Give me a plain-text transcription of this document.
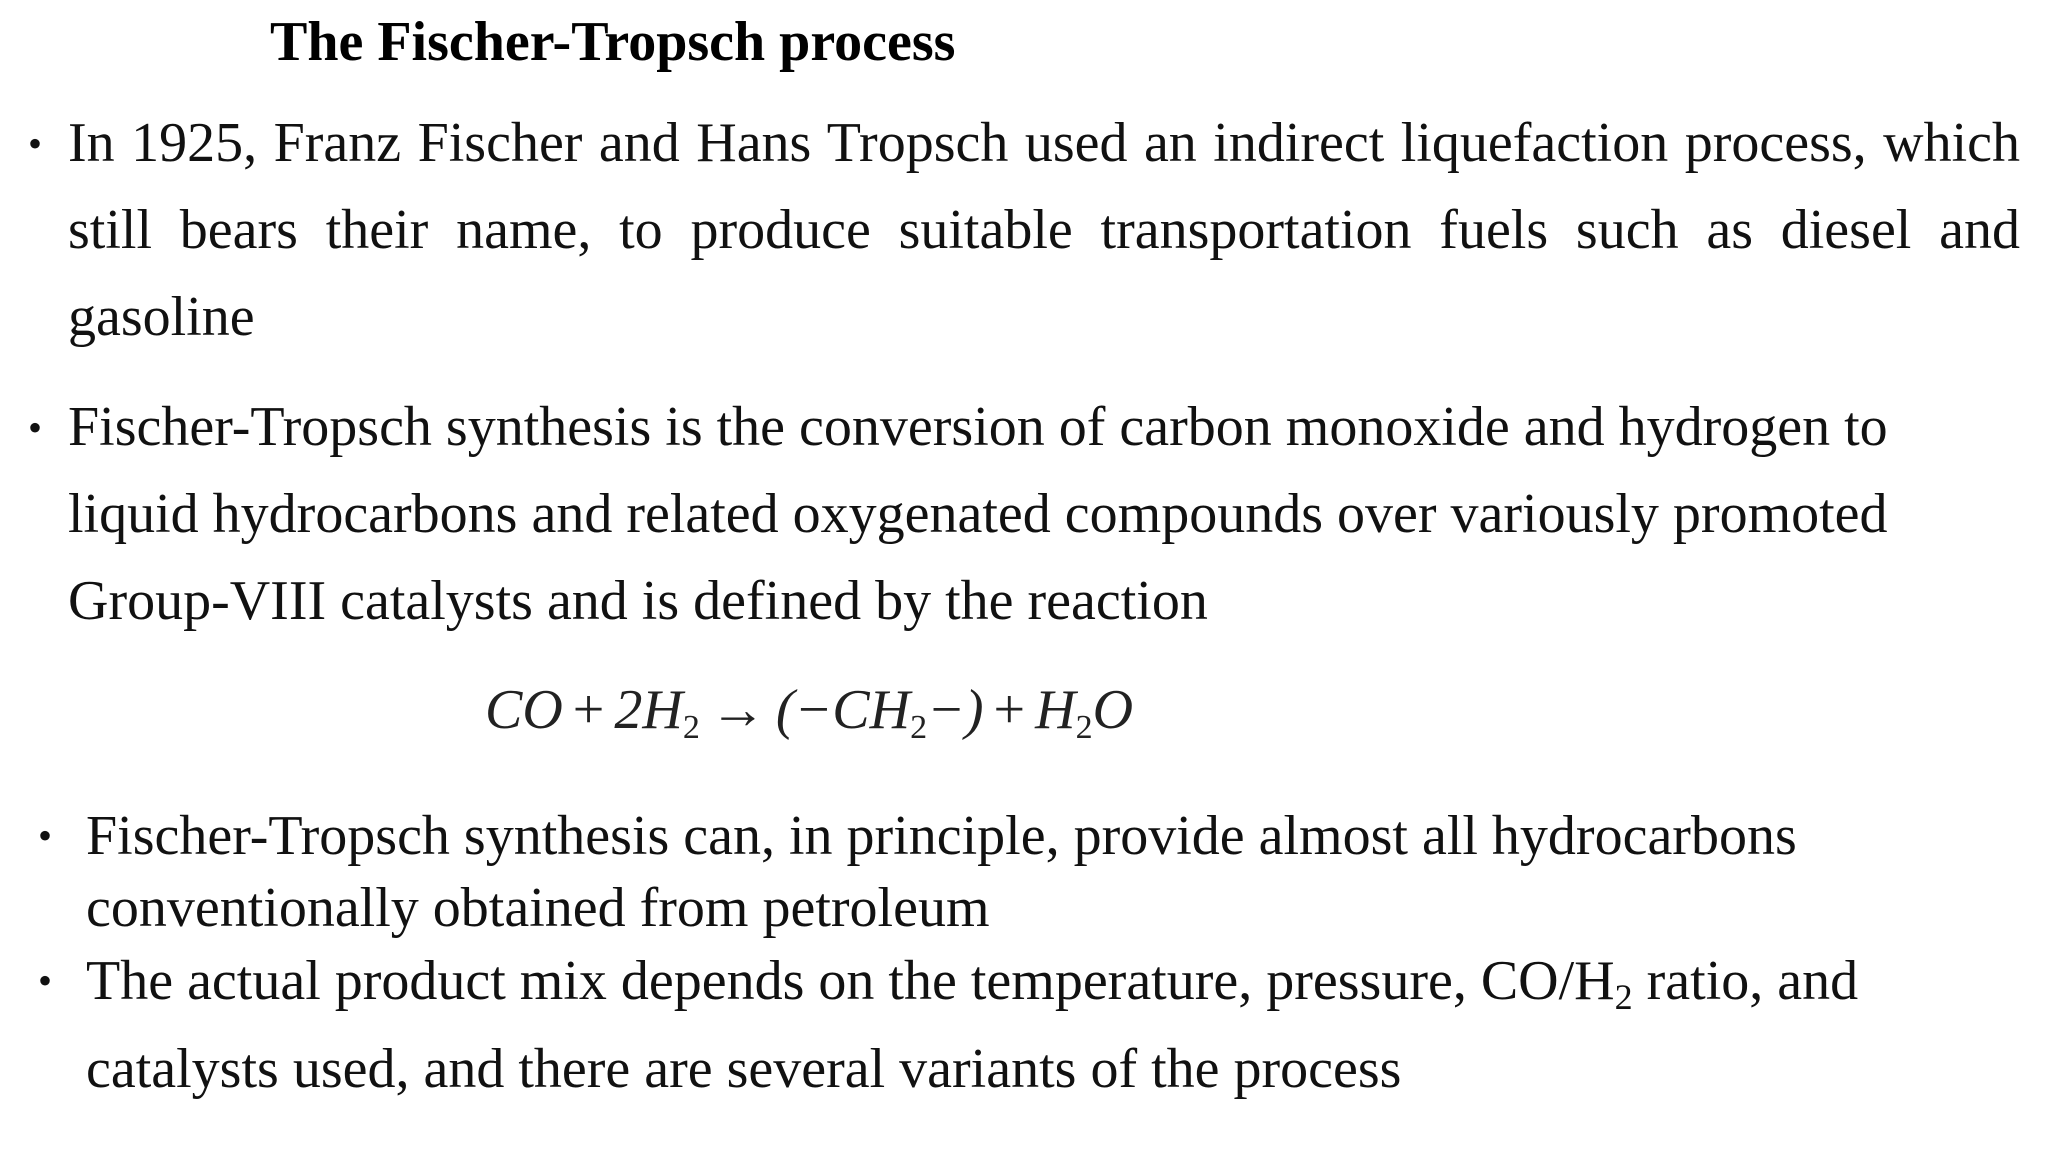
The Fischer-Tropsch process
• In 1925, Franz Fischer and Hans Tropsch used an indirect liquefaction process, which still bears their name, to produce suitable transportation fuels such as diesel and gasoline
• Fischer-Tropsch synthesis is the conversion of carbon monoxide and hydrogen to liquid hydrocarbons and related oxygenated compounds over variously promoted Group-VIII catalysts and is defined by the reaction
CO + $2H_2 \to (-CH_2-) + H_2O$
• Fischer-Tropsch synthesis can, in principle, provide almost all hydrocarbons conventionally obtained from petroleum
• The actual product mix depends on the temperature, pressure, $CO/H_2$ ratio, and catalysts used, and there are several variants of the process
